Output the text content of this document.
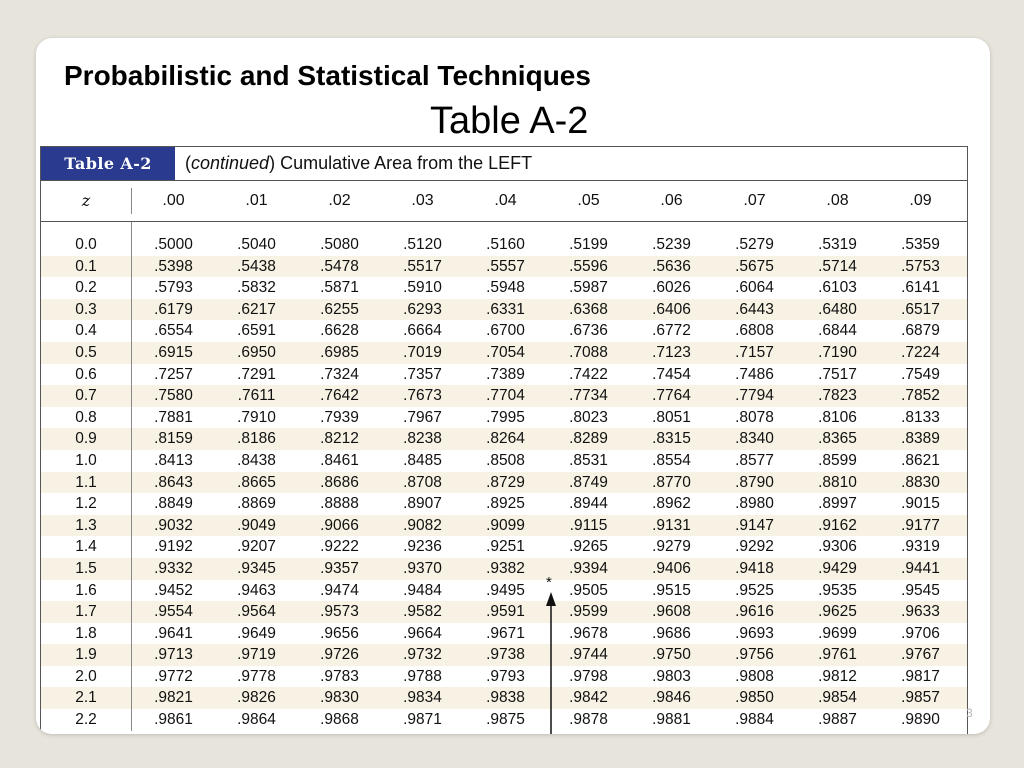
Probabilistic and Statistical Techniques
Table A-2
Table A-2	( continued ) Cumulative Area from the LEFT
z	.00	.01	.02	.03	.04	.05	.06	.07	.08	.09
*
0.0	.5000	.5040	.5080	.5120	.5160	.5199	.5239	.5279	.5319	.5359
0.1	.5398	.5438	.5478	.5517	.5557	.5596	.5636	.5675	.5714	.5753
0.2	.5793	.5832	.5871	.5910	.5948	.5987	.6026	.6064	.6103	.6141
0.3	.6179	.6217	.6255	.6293	.6331	.6368	.6406	.6443	.6480	.6517
0.4	.6554	.6591	.6628	.6664	.6700	.6736	.6772	.6808	.6844	.6879
0.5	.6915	.6950	.6985	.7019	.7054	.7088	.7123	.7157	.7190	.7224
0.6	.7257	.7291	.7324	.7357	.7389	.7422	.7454	.7486	.7517	.7549
0.7	.7580	.7611	.7642	.7673	.7704	.7734	.7764	.7794	.7823	.7852
0.8	.7881	.7910	.7939	.7967	.7995	.8023	.8051	.8078	.8106	.8133
0.9	.8159	.8186	.8212	.8238	.8264	.8289	.8315	.8340	.8365	.8389
1.0	.8413	.8438	.8461	.8485	.8508	.8531	.8554	.8577	.8599	.8621
1.1	.8643	.8665	.8686	.8708	.8729	.8749	.8770	.8790	.8810	.8830
1.2	.8849	.8869	.8888	.8907	.8925	.8944	.8962	.8980	.8997	.9015
1.3	.9032	.9049	.9066	.9082	.9099	.9115	.9131	.9147	.9162	.9177
1.4	.9192	.9207	.9222	.9236	.9251	.9265	.9279	.9292	.9306	.9319
1.5	.9332	.9345	.9357	.9370	.9382	.9394	.9406	.9418	.9429	.9441
1.6	.9452	.9463	.9474	.9484	.9495	.9505	.9515	.9525	.9535	.9545
1.7	.9554	.9564	.9573	.9582	.9591	.9599	.9608	.9616	.9625	.9633
1.8	.9641	.9649	.9656	.9664	.9671	.9678	.9686	.9693	.9699	.9706
1.9	.9713	.9719	.9726	.9732	.9738	.9744	.9750	.9756	.9761	.9767
2.0	.9772	.9778	.9783	.9788	.9793	.9798	.9803	.9808	.9812	.9817
2.1	.9821	.9826	.9830	.9834	.9838	.9842	.9846	.9850	.9854	.9857
2.2	.9861	.9864	.9868	.9871	.9875	.9878	.9881	.9884	.9887	.9890	3
